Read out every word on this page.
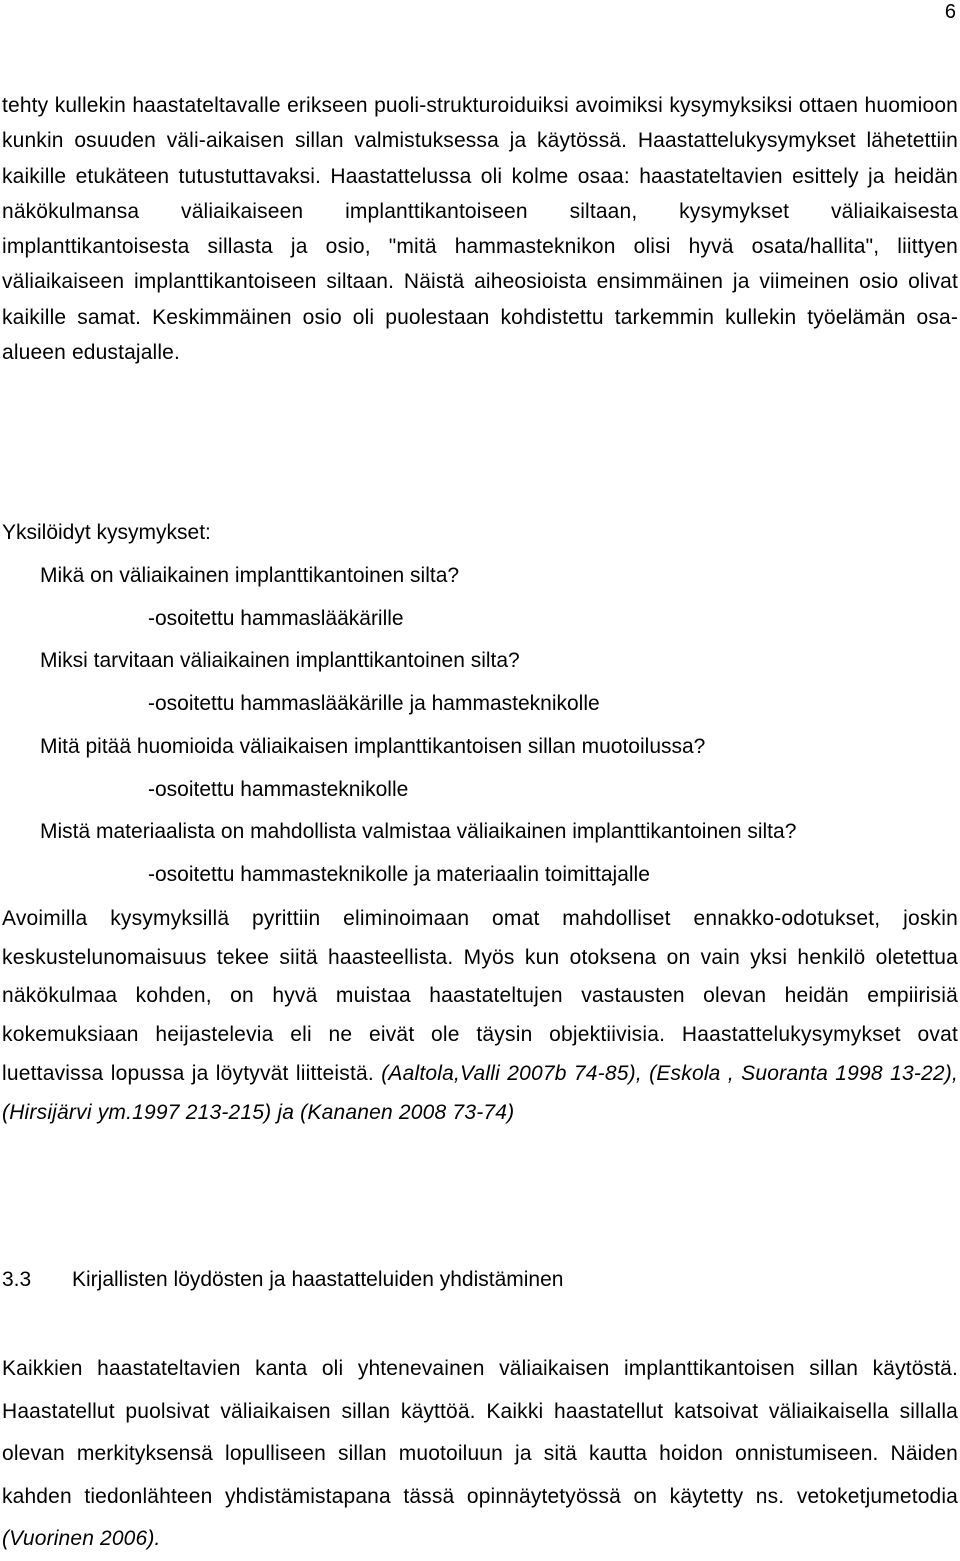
6

tehty kullekin haastateltavalle erikseen puoli-strukturoiduiksi avoimiksi kysymyksiksi ottaen huomioon kunkin osuuden väli-aikaisen sillan valmistuksessa ja käytössä. Haastattelukysymykset lähetettiin kaikille etukäteen tutustuttavaksi. Haastattelussa oli kolme osaa: haastateltavien esittely ja heidän näkökulmansa väliaikaiseen implanttikantoiseen siltaan, kysymykset väliaikaisesta implanttikantoisesta sillasta ja osio, "mitä hammasteknikon olisi hyvä osata/hallita", liittyen väliaikaiseen implanttikantoiseen siltaan. Näistä aiheosioista ensimmäinen ja viimeinen osio olivat kaikille samat. Keskimmäinen osio oli puolestaan kohdistettu tarkemmin kullekin työelämän osa-alueen edustajalle.

Yksilöidyt kysymykset:
Mikä on väliaikainen implanttikantoinen silta?
-osoitettu hammaslääkärille
Miksi tarvitaan väliaikainen implanttikantoinen silta?
-osoitettu hammaslääkärille ja hammasteknikolle
Mitä pitää huomioida väliaikaisen implanttikantoisen sillan muotoilussa?
-osoitettu hammasteknikolle
Mistä materiaalista on mahdollista valmistaa väliaikainen implanttikantoinen silta?
-osoitettu hammasteknikolle ja materiaalin toimittajalle

Avoimilla kysymyksillä pyrittiin eliminoimaan omat mahdolliset ennakko-odotukset, joskin keskustelunomaisuus tekee siitä haasteellista. Myös kun otoksena on vain yksi henkilö oletettua näkökulmaa kohden, on hyvä muistaa haastateltujen vastausten olevan heidän empiirisiä kokemuksiaan heijastelevia eli ne eivät ole täysin objektiivisia. Haastattelukysymykset ovat luettavissa lopussa ja löytyvät liitteistä. (Aaltola,Valli 2007b 74-85), (Eskola , Suoranta 1998 13-22), (Hirsijärvi ym.1997 213-215) ja (Kananen 2008 73-74)

3.3 Kirjallisten löydösten ja haastatteluiden yhdistäminen

Kaikkien haastateltavien kanta oli yhtenevainen väliaikaisen implanttikantoisen sillan käytöstä. Haastatellut puolsivat väliaikaisen sillan käyttöä. Kaikki haastatellut katsoivat väliaikaisella sillalla olevan merkityksensä lopulliseen sillan muotoiluun ja sitä kautta hoidon onnistumiseen. Näiden kahden tiedonlähteen yhdistämistapana tässä opinnäytetyössä on käytetty ns. vetoketjumetodia (Vuorinen 2006).
